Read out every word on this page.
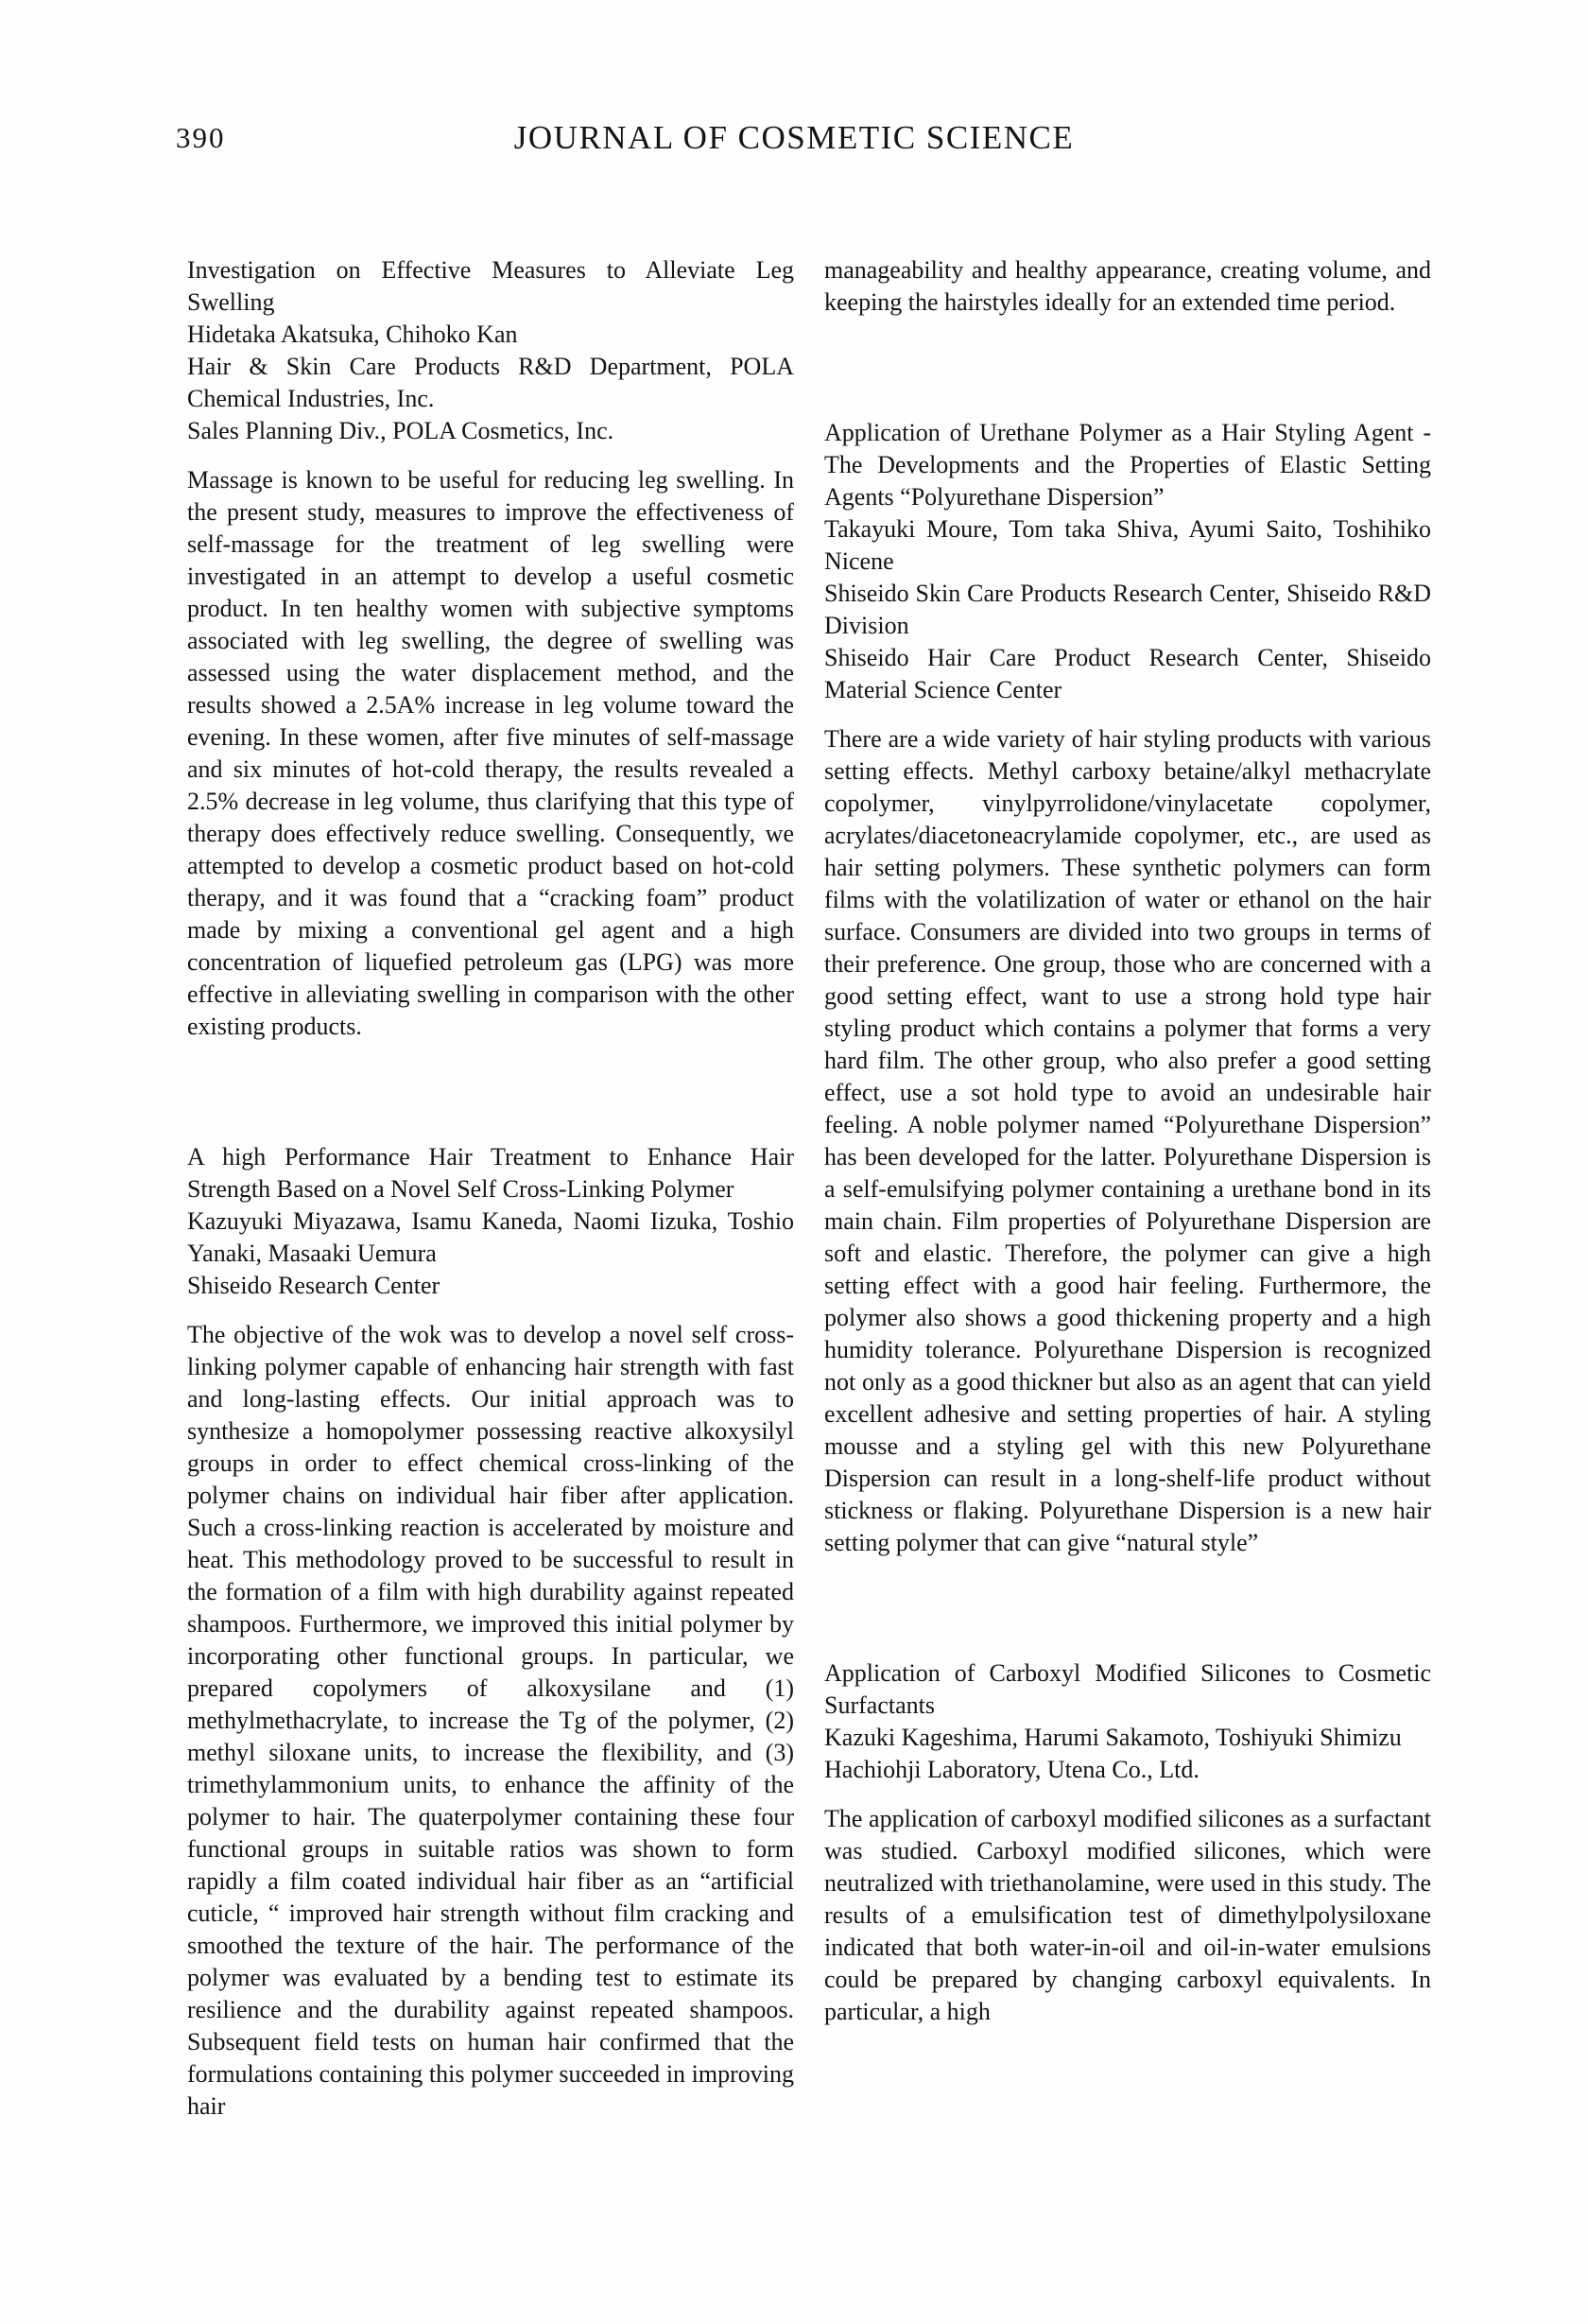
390	JOURNAL OF COSMETIC SCIENCE
Investigation on Effective Measures to Alleviate Leg Swelling
Hidetaka Akatsuka, Chihoko Kan
Hair & Skin Care Products R&D Department, POLA Chemical Industries, Inc.
Sales Planning Div., POLA Cosmetics, Inc.

Massage is known to be useful for reducing leg swelling. In the present study, measures to improve the effectiveness of self-massage for the treatment of leg swelling were investigated in an attempt to develop a useful cosmetic product. In ten healthy women with subjective symptoms associated with leg swelling, the degree of swelling was assessed using the water displacement method, and the results showed a 2.5A% increase in leg volume toward the evening. In these women, after five minutes of self-massage and six minutes of hot-cold therapy, the results revealed a 2.5% decrease in leg volume, thus clarifying that this type of therapy does effectively reduce swelling. Consequently, we attempted to develop a cosmetic product based on hot-cold therapy, and it was found that a “cracking foam” product made by mixing a conventional gel agent and a high concentration of liquefied petroleum gas (LPG) was more effective in alleviating swelling in comparison with the other existing products.

A high Performance Hair Treatment to Enhance Hair Strength Based on a Novel Self Cross-Linking Polymer
Kazuyuki Miyazawa, Isamu Kaneda, Naomi Iizuka, Toshio Yanaki, Masaaki Uemura
Shiseido Research Center

The objective of the wok was to develop a novel self cross-linking polymer capable of enhancing hair strength with fast and long-lasting effects. Our initial approach was to synthesize a homopolymer possessing reactive alkoxysilyl groups in order to effect chemical cross-linking of the polymer chains on individual hair fiber after application. Such a cross-linking reaction is accelerated by moisture and heat. This methodology proved to be successful to result in the formation of a film with high durability against repeated shampoos. Furthermore, we improved this initial polymer by incorporating other functional groups. In particular, we prepared copolymers of alkoxysilane and (1) methylmethacrylate, to increase the Tg of the polymer, (2) methyl siloxane units, to increase the flexibility, and (3) trimethylammonium units, to enhance the affinity of the polymer to hair. The quaterpolymer containing these four functional groups in suitable ratios was shown to form rapidly a film coated individual hair fiber as an “artificial cuticle, “ improved hair strength without film cracking and smoothed the texture of the hair. The performance of the polymer was evaluated by a bending test to estimate its resilience and the durability against repeated shampoos. Subsequent field tests on human hair confirmed that the formulations containing this polymer succeeded in improving hair

manageability and healthy appearance, creating volume, and keeping the hairstyles ideally for an extended time period.

Application of Urethane Polymer as a Hair Styling Agent -The Developments and the Properties of Elastic Setting Agents “Polyurethane Dispersion”
Takayuki Moure, Tom taka Shiva, Ayumi Saito, Toshihiko Nicene
Shiseido Skin Care Products Research Center, Shiseido R&D Division
Shiseido Hair Care Product Research Center, Shiseido Material Science Center

There are a wide variety of hair styling products with various setting effects. Methyl carboxy betaine/alkyl methacrylate copolymer, vinylpyrrolidone/vinylacetate copolymer, acrylates/diacetoneacrylamide copolymer, etc., are used as hair setting polymers. These synthetic polymers can form films with the volatilization of water or ethanol on the hair surface. Consumers are divided into two groups in terms of their preference. One group, those who are concerned with a good setting effect, want to use a strong hold type hair styling product which contains a polymer that forms a very hard film. The other group, who also prefer a good setting effect, use a sot hold type to avoid an undesirable hair feeling. A noble polymer named “Polyurethane Dispersion” has been developed for the latter. Polyurethane Dispersion is a self-emulsifying polymer containing a urethane bond in its main chain. Film properties of Polyurethane Dispersion are soft and elastic. Therefore, the polymer can give a high setting effect with a good hair feeling. Furthermore, the polymer also shows a good thickening property and a high humidity tolerance. Polyurethane Dispersion is recognized not only as a good thickner but also as an agent that can yield excellent adhesive and setting properties of hair. A styling mousse and a styling gel with this new Polyurethane Dispersion can result in a long-shelf-life product without stickness or flaking. Polyurethane Dispersion is a new hair setting polymer that can give “natural style”

Application of Carboxyl Modified Silicones to Cosmetic Surfactants
Kazuki Kageshima, Harumi Sakamoto, Toshiyuki Shimizu
Hachiohji Laboratory, Utena Co., Ltd.

The application of carboxyl modified silicones as a surfactant was studied. Carboxyl modified silicones, which were neutralized with triethanolamine, were used in this study. The results of a emulsification test of dimethylpolysiloxane indicated that both water-in-oil and oil-in-water emulsions could be prepared by changing carboxyl equivalents. In particular, a high
